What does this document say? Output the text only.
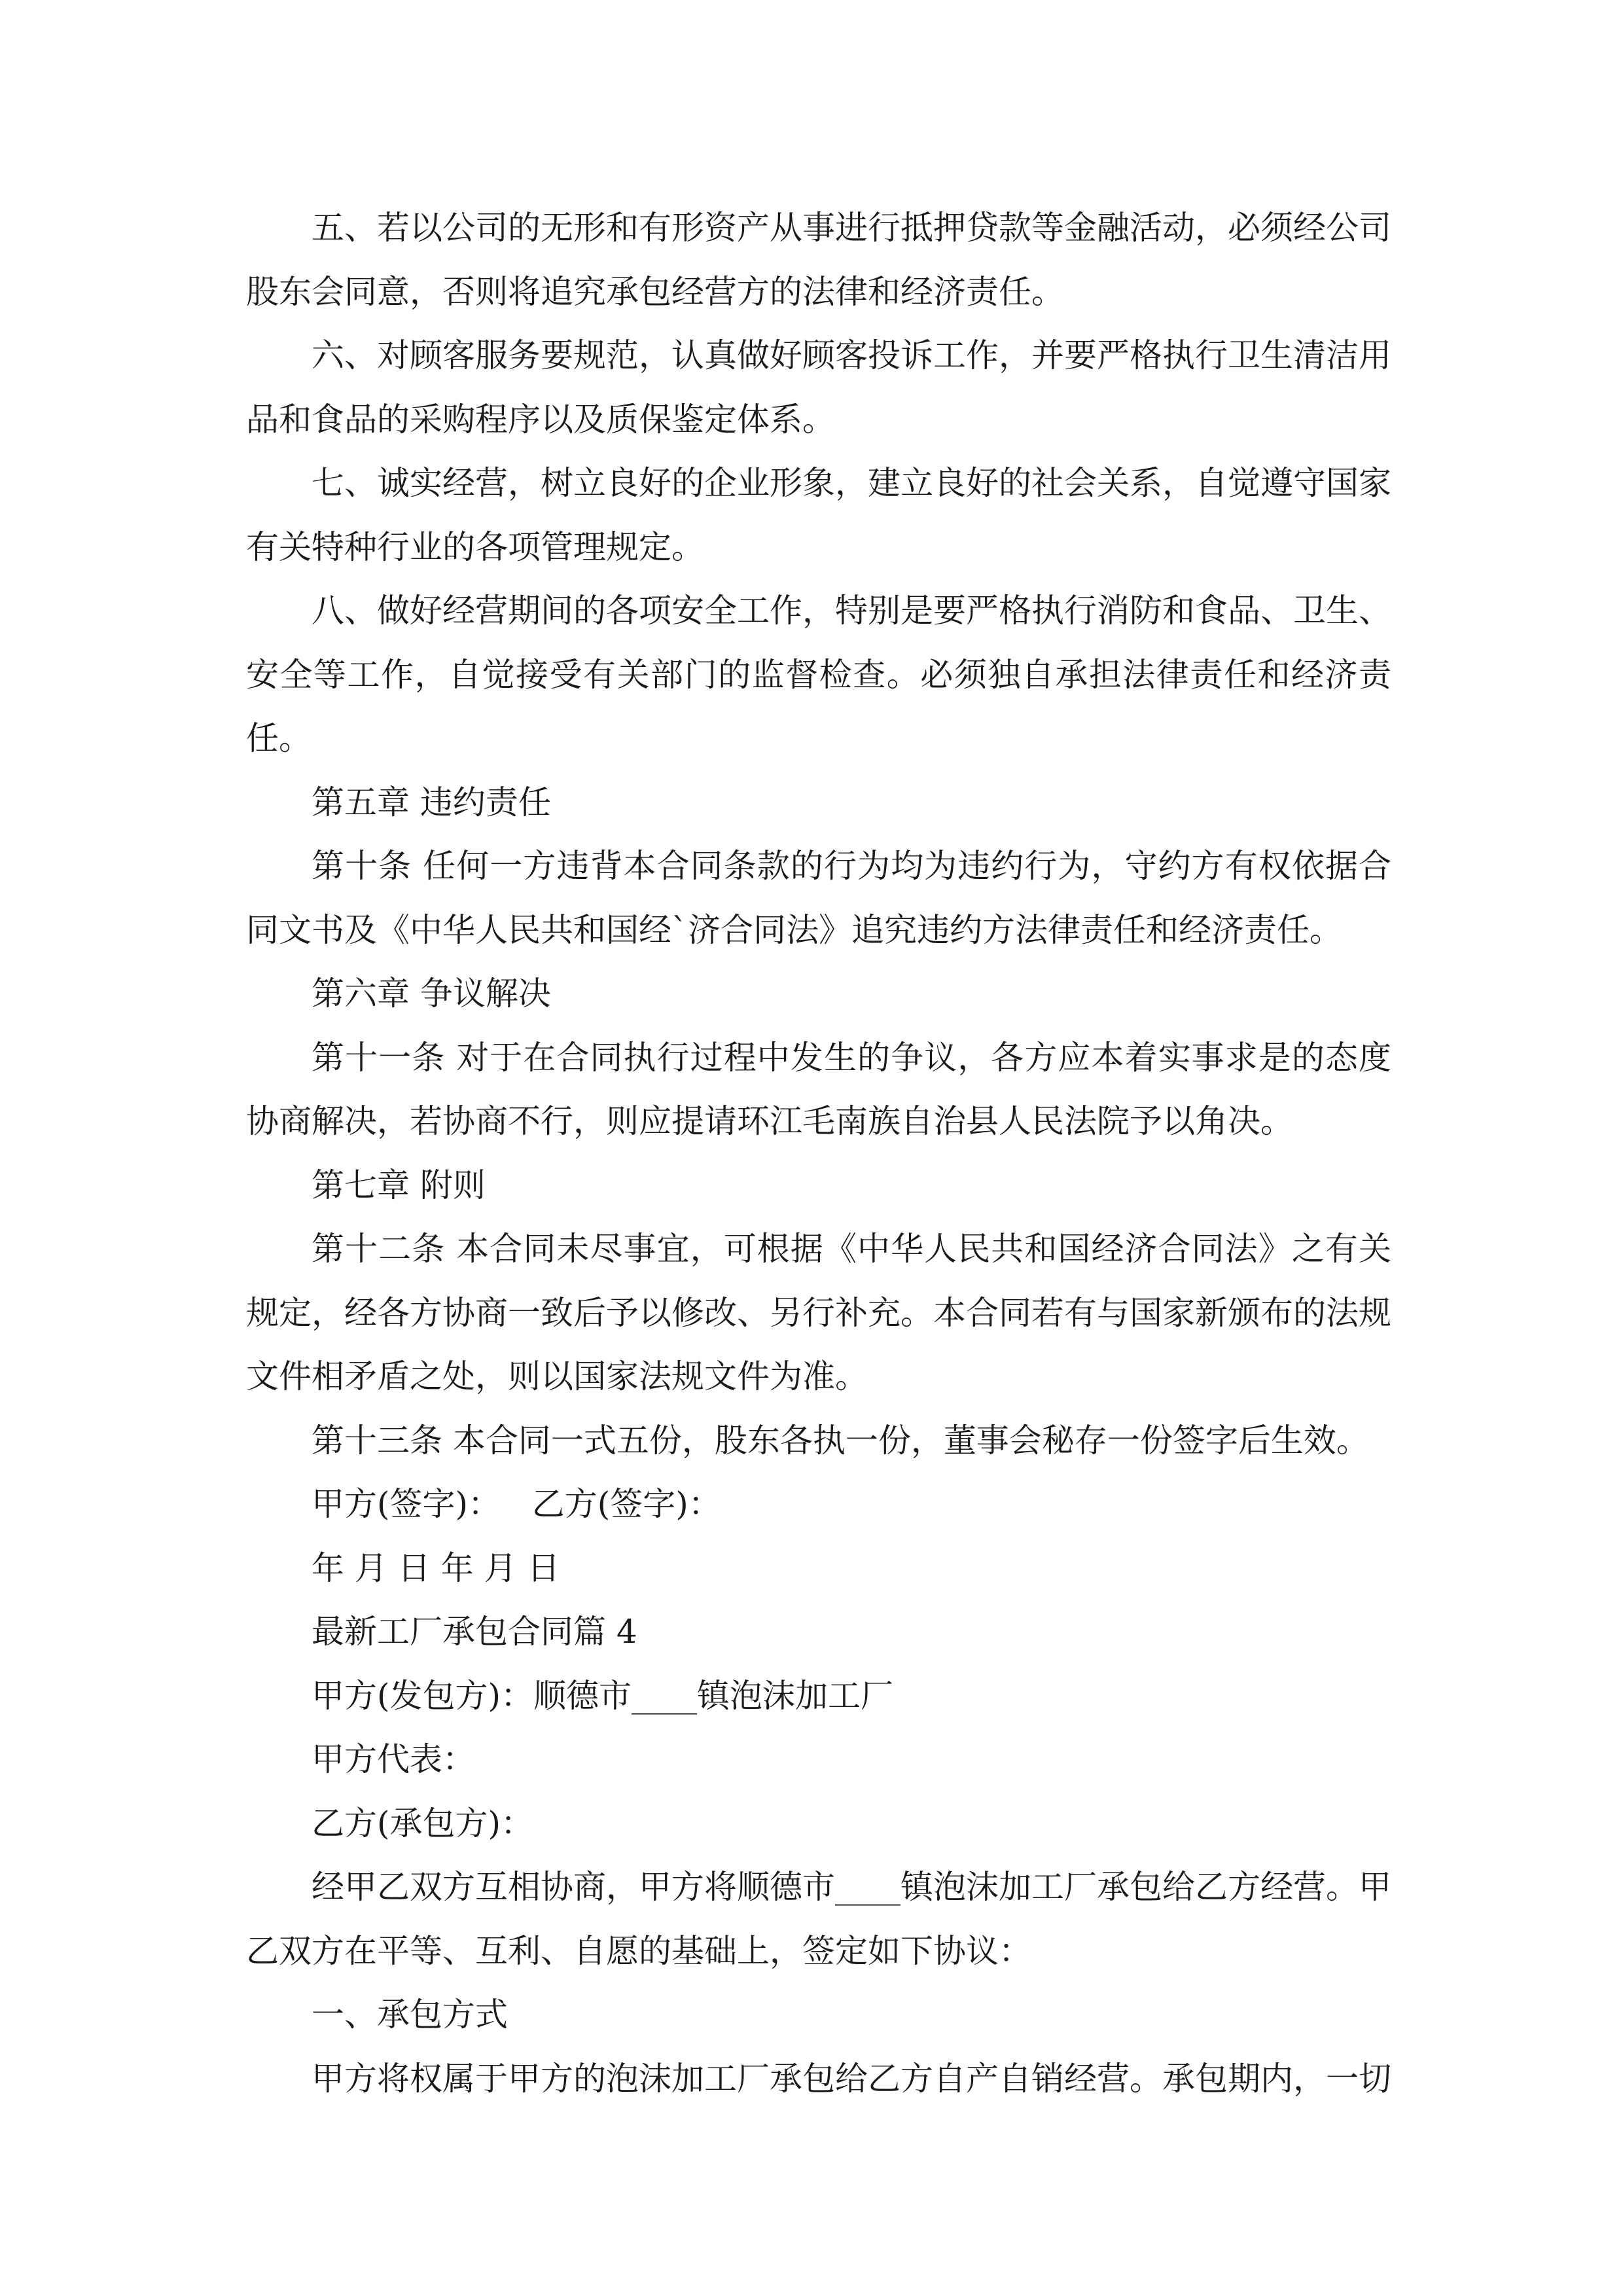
五、若以公司的无形和有形资产从事进行抵押贷款等金融活动，必须经公司股东会同意，否则将追究承包经营方的法律和经济责任。

六、对顾客服务要规范，认真做好顾客投诉工作，并要严格执行卫生清洁用品和食品的采购程序以及质保鉴定体系。

七、诚实经营，树立良好的企业形象，建立良好的社会关系，自觉遵守国家有关特种行业的各项管理规定。

八、做好经营期间的各项安全工作，特别是要严格执行消防和食品、卫生、安全等工作，自觉接受有关部门的监督检查。必须独自承担法律责任和经济责任。

第五章 违约责任

第十条 任何一方违背本合同条款的行为均为违约行为，守约方有权依据合同文书及《中华人民共和国经`济合同法》追究违约方法律责任和经济责任。

第六章 争议解决

第十一条 对于在合同执行过程中发生的争议，各方应本着实事求是的态度协商解决，若协商不行，则应提请环江毛南族自治县人民法院予以角决。

第七章 附则

第十二条 本合同未尽事宜，可根据《中华人民共和国经济合同法》之有关规定，经各方协商一致后予以修改、另行补充。本合同若有与国家新颁布的法规文件相矛盾之处，则以国家法规文件为准。

第十三条 本合同一式五份，股东各执一份，董事会秘存一份签字后生效。

甲方(签字)：   乙方(签字)：

年 月 日 年 月 日

最新工厂承包合同篇 4

甲方(发包方)：顺德市____镇泡沫加工厂

甲方代表：

乙方(承包方)：

经甲乙双方互相协商，甲方将顺德市____镇泡沫加工厂承包给乙方经营。甲乙双方在平等、互利、自愿的基础上，签定如下协议：

一、承包方式

甲方将权属于甲方的泡沫加工厂承包给乙方自产自销经营。承包期内，一切
